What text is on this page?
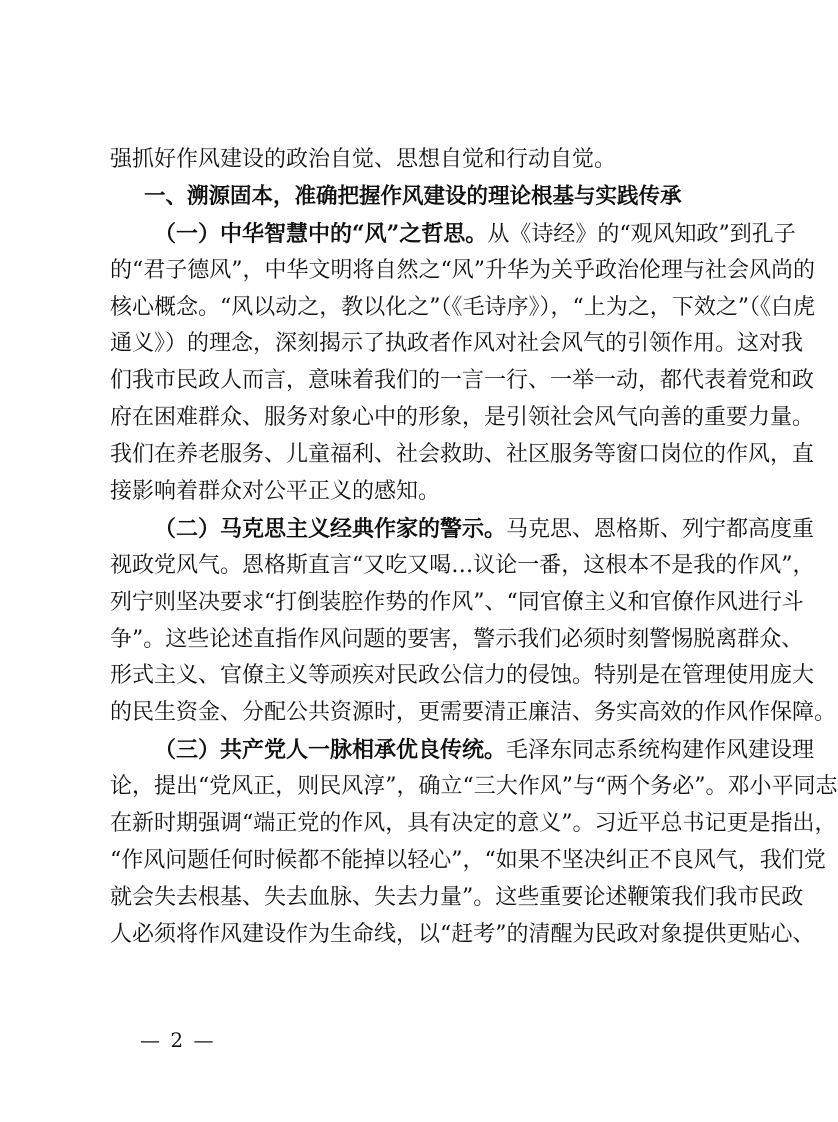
强抓好作风建设的政治自觉、思想自觉和行动自觉。
一、溯源固本，准确把握作风建设的理论根基与实践传承
（一）中华智慧中的“风”之哲思。从《诗经》的“观风知政”到孔子
的“君子德风”，中华文明将自然之“风”升华为关乎政治伦理与社会风尚的
核心概念。“风以动之，教以化之”（《毛诗序》），“上为之，下效之”（《白虎
通义》）的理念，深刻揭示了执政者作风对社会风气的引领作用。这对我
们我市民政人而言，意味着我们的一言一行、一举一动，都代表着党和政
府在困难群众、服务对象心中的形象，是引领社会风气向善的重要力量。
我们在养老服务、儿童福利、社会救助、社区服务等窗口岗位的作风，直
接影响着群众对公平正义的感知。
（二）马克思主义经典作家的警示。马克思、恩格斯、列宁都高度重
视政党风气。恩格斯直言“又吃又喝…议论一番，这根本不是我的作风”，
列宁则坚决要求“打倒装腔作势的作风”、“同官僚主义和官僚作风进行斗
争”。这些论述直指作风问题的要害，警示我们必须时刻警惕脱离群众、
形式主义、官僚主义等顽疾对民政公信力的侵蚀。特别是在管理使用庞大
的民生资金、分配公共资源时，更需要清正廉洁、务实高效的作风作保障。
（三）共产党人一脉相承优良传统。毛泽东同志系统构建作风建设理
论，提出“党风正，则民风淳”，确立“三大作风”与“两个务必”。邓小平同志
在新时期强调“端正党的作风，具有决定的意义”。习近平总书记更是指出，
“作风问题任何时候都不能掉以轻心”，“如果不坚决纠正不良风气，我们党
就会失去根基、失去血脉、失去力量”。这些重要论述鞭策我们我市民政
人必须将作风建设作为生命线，以“赶考”的清醒为民政对象提供更贴心、
— 2 —
